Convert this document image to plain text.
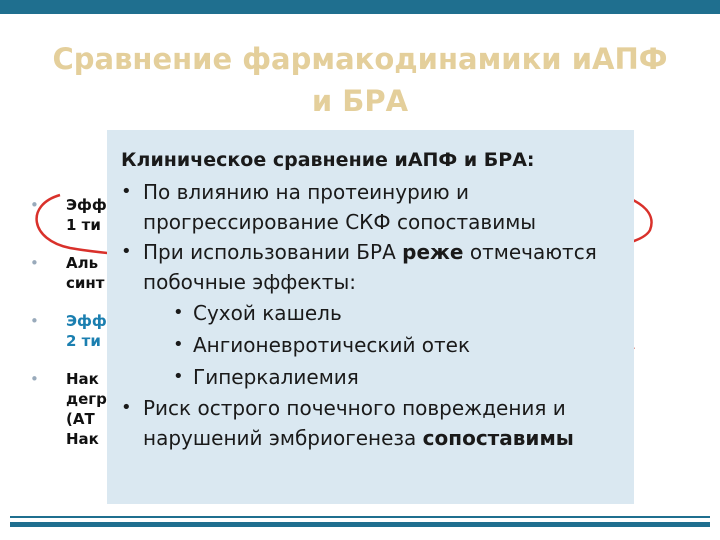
Сравнение фармакодинамики иАПФ и БРА
• Эфф
1 ти
• Аль
синт
• Эфф
2 ти
• Нак
дегр
(АТ
Нак
Клиническое сравнение иАПФ и БРА:
• По влиянию на протеинурию и прогрессирование СКФ сопоставимы
• При использовании БРА реже отмечаются побочные эффекты:
• Сухой кашель
• Ангионевротический отек
• Гиперкалиемия
• Риск острого почечного повреждения и нарушений эмбриогенеза сопоставимы
